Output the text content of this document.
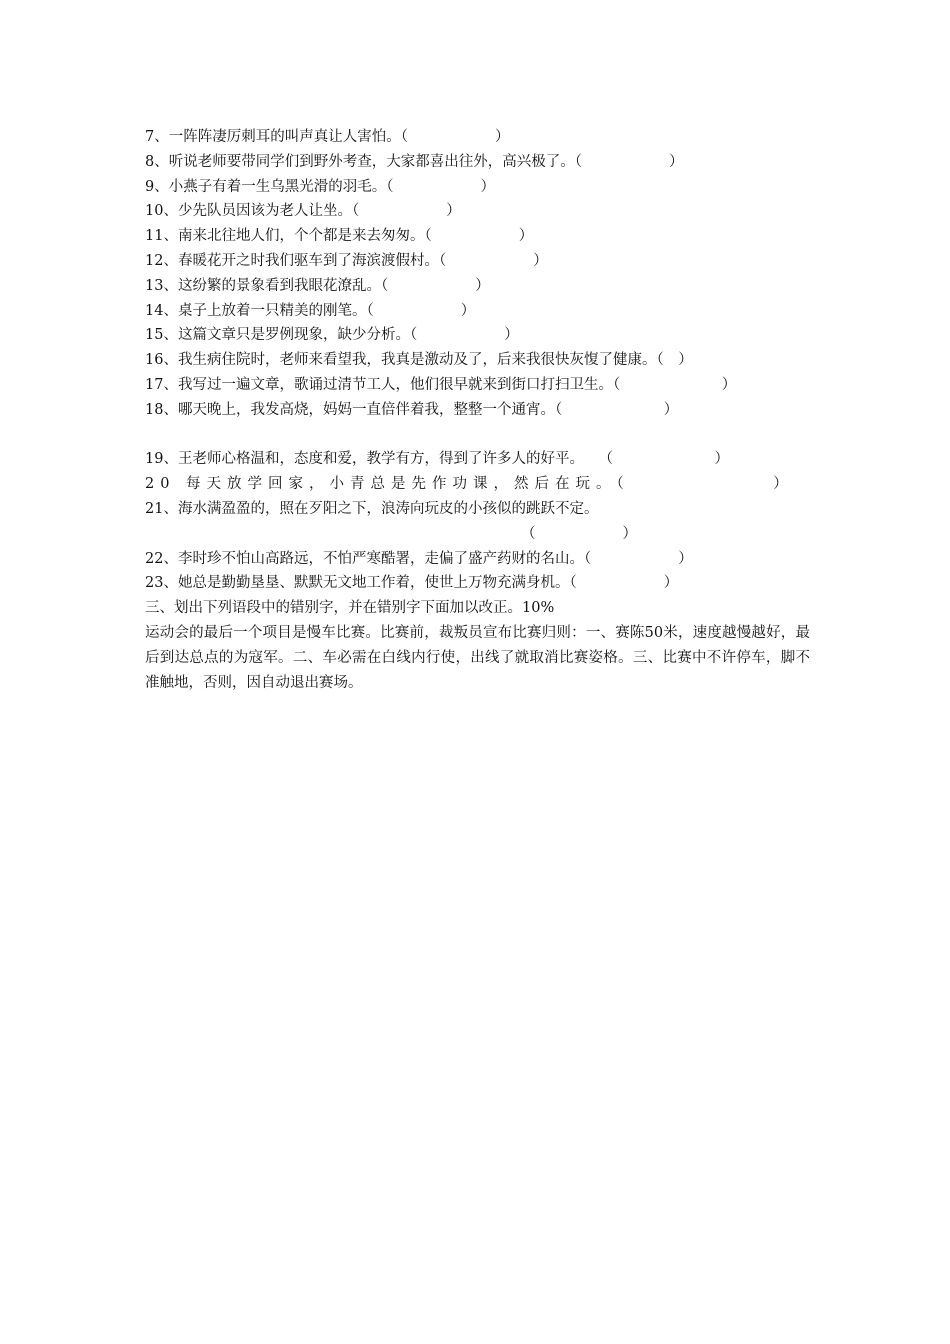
7、一阵阵凄厉刺耳的叫声真让人害怕。（　　　　　　）
8、听说老师要带同学们到野外考查，大家都喜出往外，高兴极了。（　　　　　　）
9、小燕子有着一生乌黑光滑的羽毛。（　　　　　　）
10、少先队员因该为老人让坐。（　　　　　　）
11、南来北往地人们，个个都是来去匆匆。（　　　　　　）
12、春暖花开之时我们驱车到了海滨渡假村。（　　　　　　）
13、这纷繁的景象看到我眼花潦乱。（　　　　　　）
14、桌子上放着一只精美的刚笔。（　　　　　　）
15、这篇文章只是罗例现象，缺少分析。（　　　　　　）
16、我生病住院时，老师来看望我，我真是激动及了，后来我很快灰愎了健康。（　）
17、我写过一遍文章，歌诵过清节工人，他们很早就来到街口打扫卫生。（　　　　　　　）
18、哪天晚上，我发高烧，妈妈一直倍伴着我，整整一个通宵。（　　　　　　　）
19、王老师心格温和，态度和爱，教学有方，得到了许多人的好平。　　（　　　　　　　）
20 每天放学回家，小青总是先作功课，然后在玩。（　　　　　　　）
21、海水满盈盈的，照在歹阳之下，浪涛向玩皮的小孩似的跳跃不定。
（　　　　　　）
22、李时珍不怕山高路远，不怕严寒酷署，走偏了盛产药财的名山。（　　　　　　）
23、她总是勤勤垦垦、默默无文地工作着，使世上万物充满身机。（　　　　　　）
三、划出下列语段中的错别字，并在错别字下面加以改正。10%
运动会的最后一个项目是慢车比赛。比赛前，裁叛员宣布比赛归则：一、赛陈50米，速度越慢越好，最后到达总点的为寇军。二、车必需在白线内行使，出线了就取消比赛姿格。三、比赛中不许停车，脚不准触地，否则，因自动退出赛场。
